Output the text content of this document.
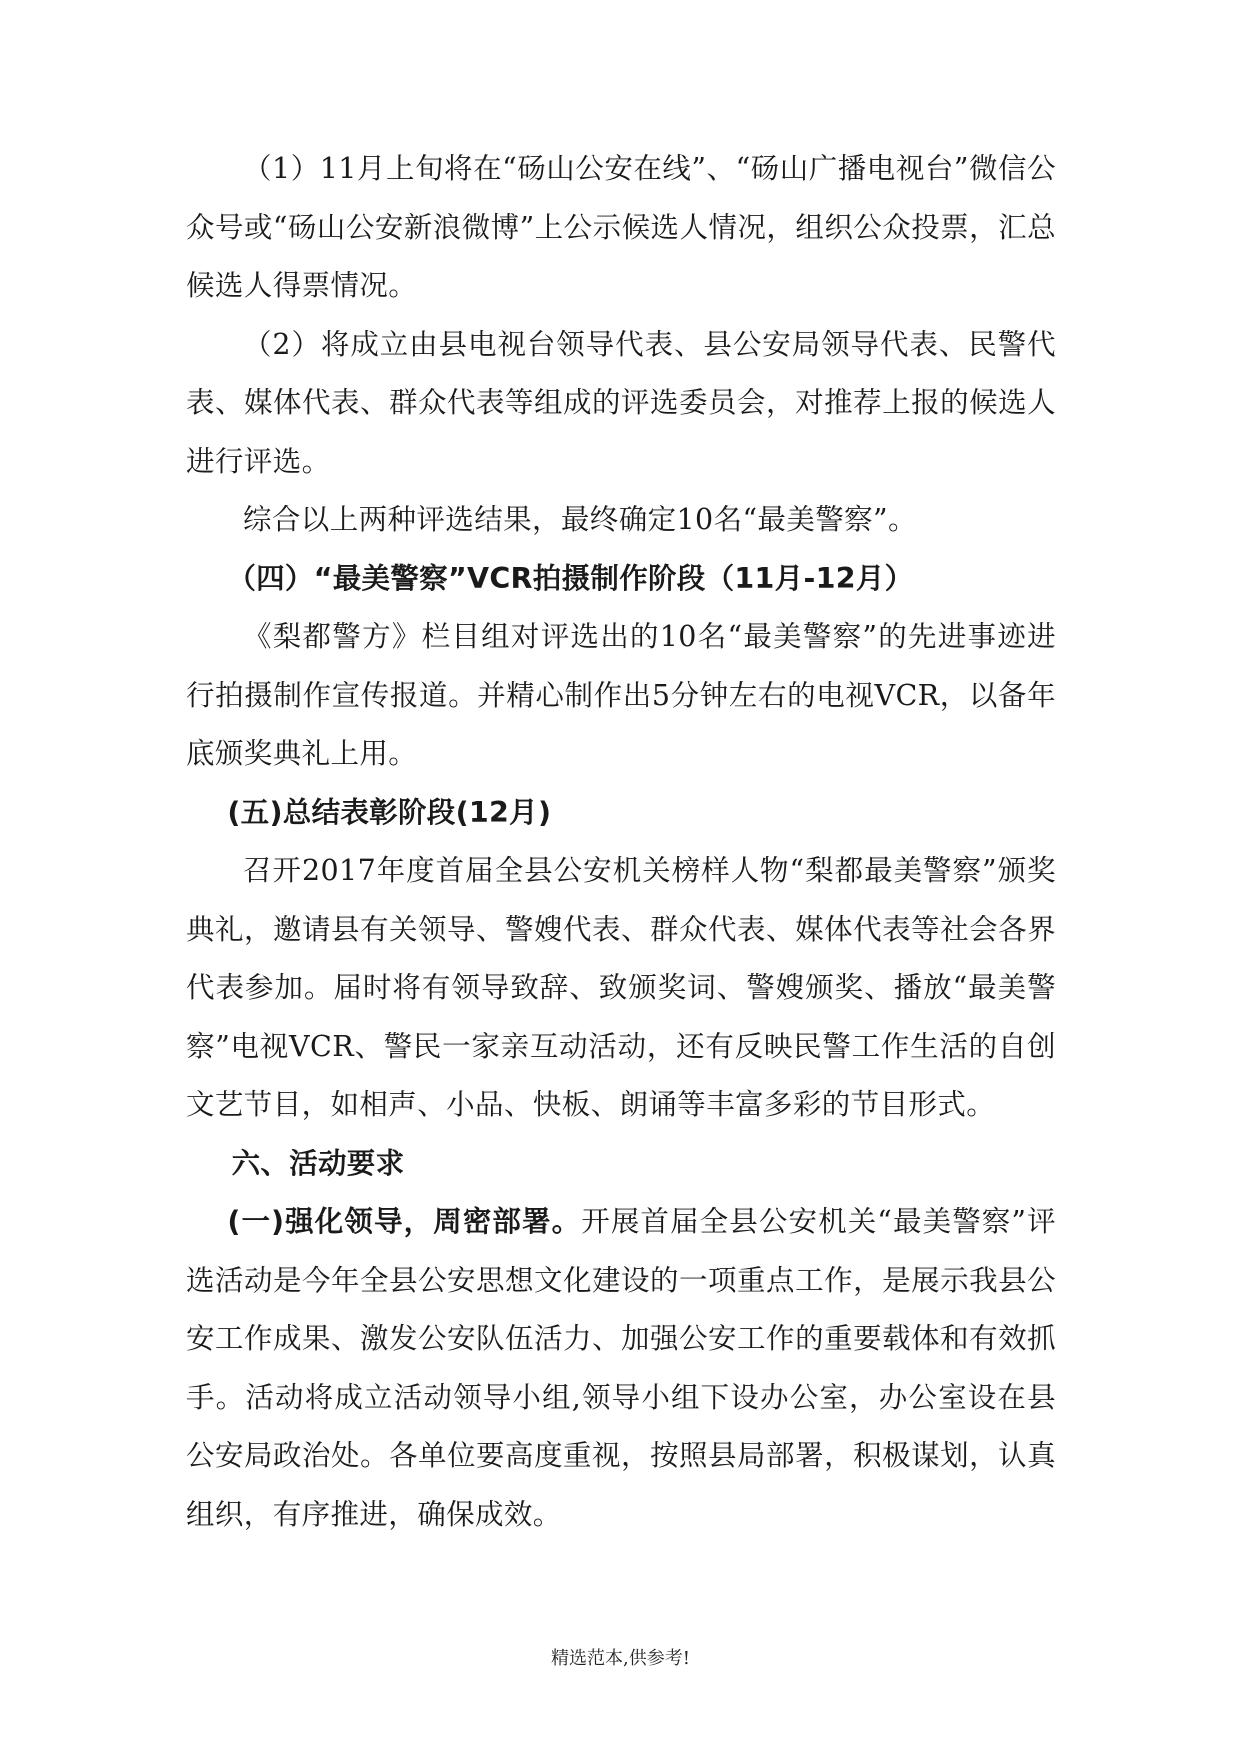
（1）11月上旬将在“砀山公安在线”、“砀山广播电视台”微信公众号或“砀山公安新浪微博”上公示候选人情况，组织公众投票，汇总候选人得票情况。

（2）将成立由县电视台领导代表、县公安局领导代表、民警代表、媒体代表、群众代表等组成的评选委员会，对推荐上报的候选人进行评选。

综合以上两种评选结果，最终确定10名“最美警察”。

（四）“最美警察”VCR拍摄制作阶段（11月-12月）

《梨都警方》栏目组对评选出的10名“最美警察”的先进事迹进行拍摄制作宣传报道。并精心制作出5分钟左右的电视VCR，以备年底颁奖典礼上用。

(五)总结表彰阶段(12月)

召开2017年度首届全县公安机关榜样人物“梨都最美警察”颁奖典礼，邀请县有关领导、警嫂代表、群众代表、媒体代表等社会各界代表参加。届时将有领导致辞、致颁奖词、警嫂颁奖、播放“最美警察”电视VCR、警民一家亲互动活动，还有反映民警工作生活的自创文艺节目，如相声、小品、快板、朗诵等丰富多彩的节目形式。

六、活动要求

(一)强化领导，周密部署。开展首届全县公安机关“最美警察”评选活动是今年全县公安思想文化建设的一项重点工作，是展示我县公安工作成果、激发公安队伍活力、加强公安工作的重要载体和有效抓手。活动将成立活动领导小组,领导小组下设办公室，办公室设在县公安局政治处。各单位要高度重视，按照县局部署，积极谋划，认真组织，有序推进，确保成效。

精选范本,供参考!
